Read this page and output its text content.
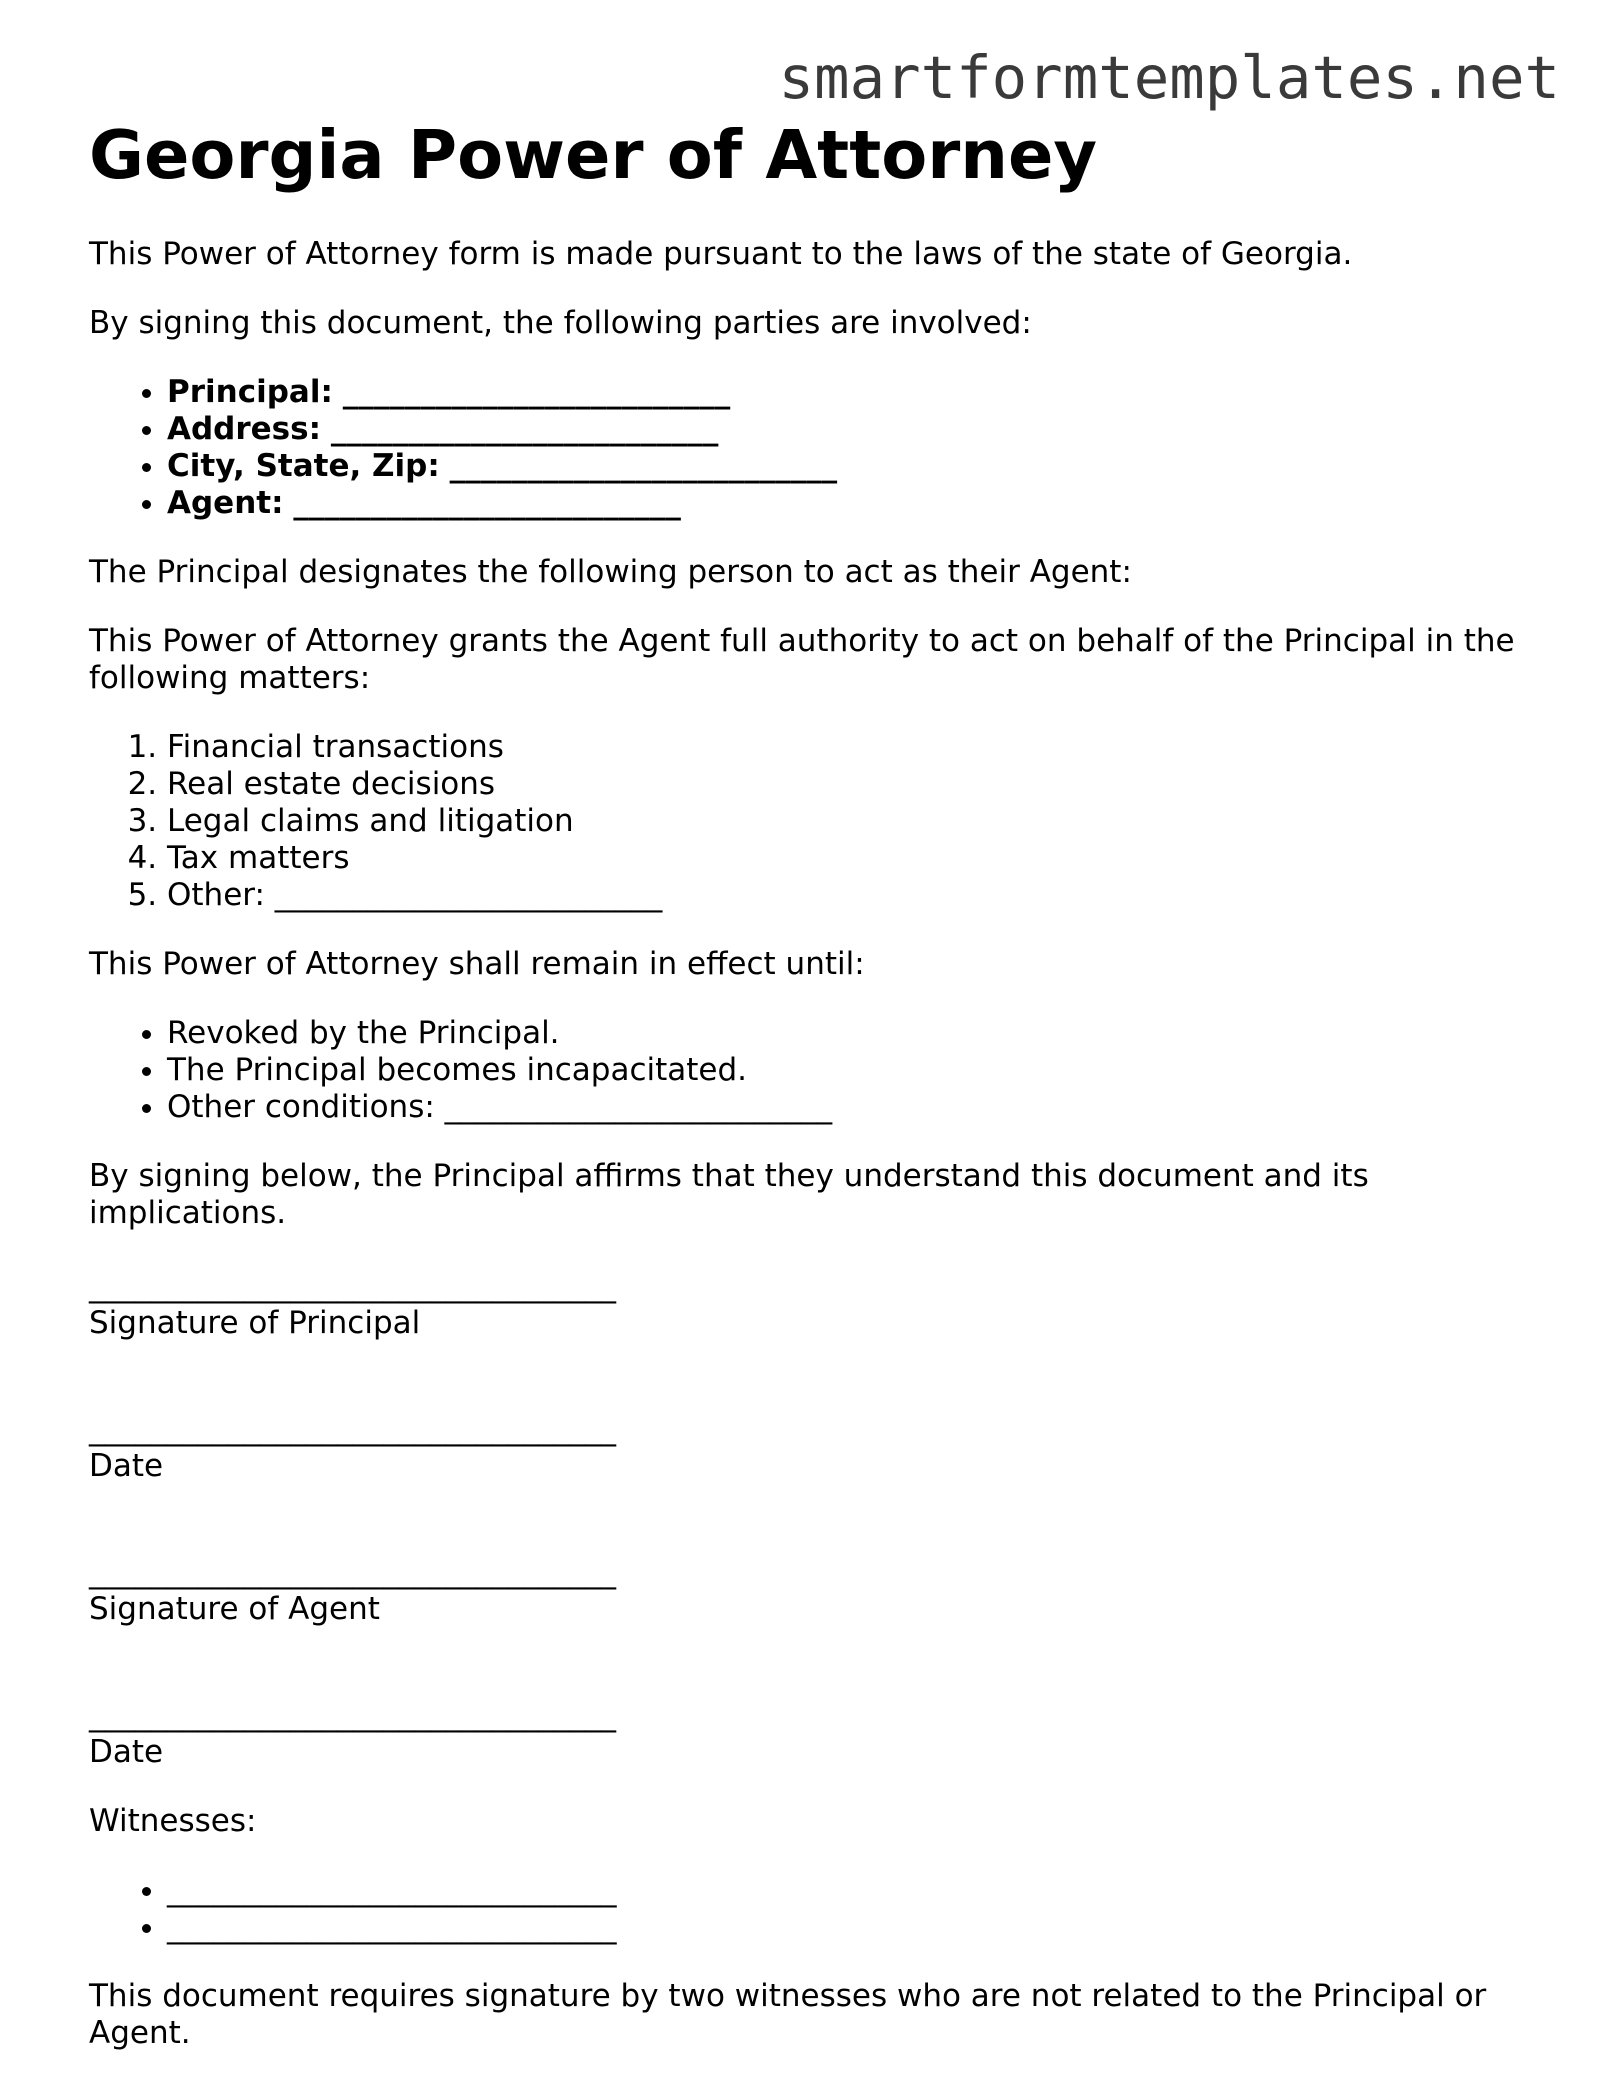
smartformtemplates.net
Georgia Power of Attorney

This Power of Attorney form is made pursuant to the laws of the state of Georgia.

By signing this document, the following parties are involved:

• Principal: _________________________
• Address: _________________________
• City, State, Zip: _________________________
• Agent: _________________________

The Principal designates the following person to act as their Agent:

This Power of Attorney grants the Agent full authority to act on behalf of the Principal in the following matters:

1. Financial transactions
2. Real estate decisions
3. Legal claims and litigation
4. Tax matters
5. Other: _________________________

This Power of Attorney shall remain in effect until:

• Revoked by the Principal.
• The Principal becomes incapacitated.
• Other conditions: _________________________

By signing below, the Principal affirms that they understand this document and its implications.

__________________________________
Signature of Principal
__________________________________
Date
__________________________________
Signature of Agent
__________________________________
Date

Witnesses:

• _____________________________
• _____________________________

This document requires signature by two witnesses who are not related to the Principal or Agent.
